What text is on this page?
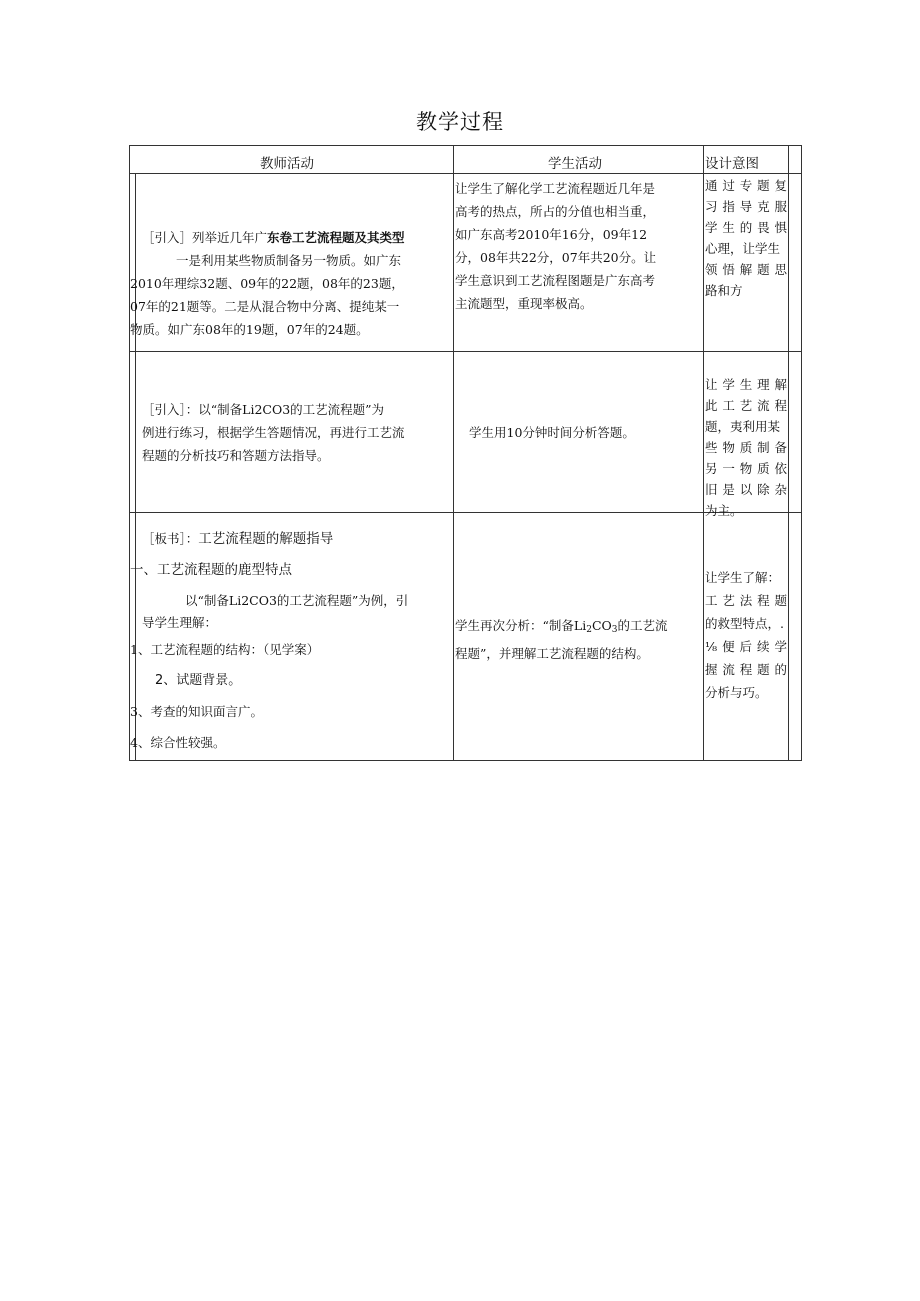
教学过程
教师活动	学生活动	设计意图

［引入］列举近几年广东卷工艺流程题及其类型

一是利用某些物质制备另一物质。如广东

2010年理综32题、09年的22题，08年的23题，

07年的21题等。二是从混合物中分离、提纯某一

物质。如广东08年的19题，07年的24题。

让学生了解化学工艺流程题近几年是

高考的热点，所占的分值也相当重，

如广东高考2010年16分，09年12

分，08年共22分，07年共20分。让

学生意识到工艺流程图题是广东高考

主流题型，重现率极高。

通过专题复

习指导克服

学生的畏惧

心理，让学生

领悟解题思

路和方

［引入］：以“制备Li2CO3的工艺流程题”为

例进行练习，根据学生答题情况，再进行工艺流

程题的分析技巧和答题方法指导。

学生用10分钟时间分析答题。

让学生理解

此工艺流程

题，夷利用某

些物质制备

另一物质依

旧是以除杂

为主。

［板书］：工艺流程题的解题指导

一、工艺流程题的鹿型特点

以“制备Li2CO3的工艺流程题”为例，引

导学生理解：

1、工艺流程题的结构：（见学案）

2、试题背景。

3、考查的知识面言广。

4、综合性较强。

学生再次分析：“制备$Li_2CO_3$的工艺流

程题”，并理解工艺流程题的结构。

让学生了解：

工艺法程题

的救型特点，.

⅛便后续学

握流程题的

分析与巧。
